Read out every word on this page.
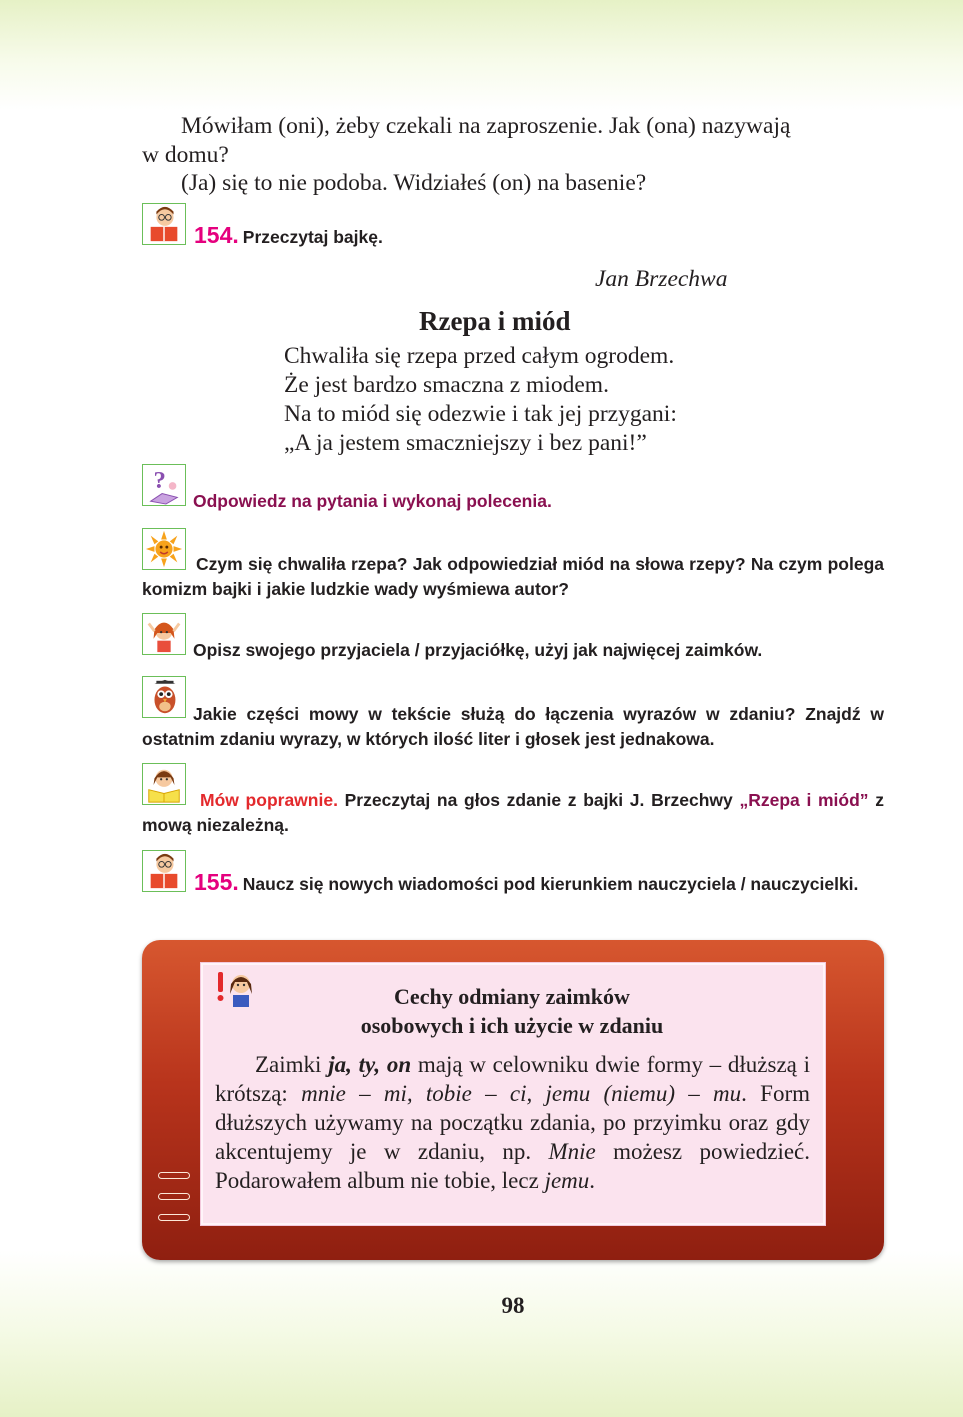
Mówiłam (oni), żeby czekali na zaproszenie. Jak (ona) nazywają
w domu?
(Ja) się to nie podoba. Widziałeś (on) na basenie?
154. Przeczytaj bajkę.
Jan Brzechwa
Rzepa i miód
Chwaliła się rzepa przed całym ogrodem.
Że jest bardzo smaczna z miodem.
Na to miód się odezwie i tak jej przygani:
„A ja jestem smaczniejszy i bez pani!”
?
Odpowiedz na pytania i wykonaj polecenia.
Czym się chwaliła rzepa? Jak odpowiedział miód na słowa rzepy? Na czym polega komizm bajki i jakie ludzkie wady wyśmiewa autor?
Opisz swojego przyjaciela / przyjaciółkę, użyj jak najwięcej zaimków.
Jakie części mowy w tekście służą do łączenia wyrazów w zdaniu? Znajdź w ostatnim zdaniu wyrazy, w których ilość liter i głosek jest jednakowa.
Mów poprawnie. Przeczytaj na głos zdanie z bajki J. Brzechwy „Rzepa i miód” z mową niezależną.
155. Naucz się nowych wiadomości pod kierunkiem nauczyciela / nauczycielki.
Cechy odmiany zaimków
osobowych i ich użycie w zdaniu
Zaimki ja, ty, on mają w celowniku dwie formy – dłuższą i krótszą: mnie – mi, tobie – ci, jemu (niemu) – mu. Form dłuższych używamy na początku zdania, po przyimku oraz gdy akcentujemy je w zdaniu, np. Mnie możesz powiedzieć. Podarowałem album nie tobie, lecz jemu.
98
